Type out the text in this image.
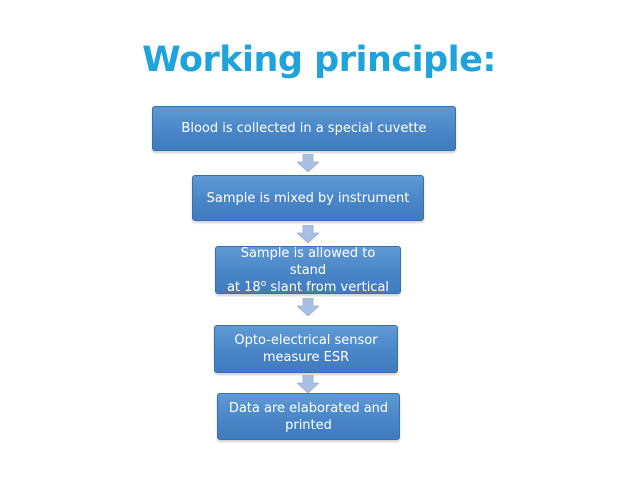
Working principle:
Blood is collected in a special cuvette
Sample is mixed by instrument
Sample is allowed to stand
at 18$^o$ slant from vertical
Opto-electrical sensor
measure ESR
Data are elaborated and
printed
